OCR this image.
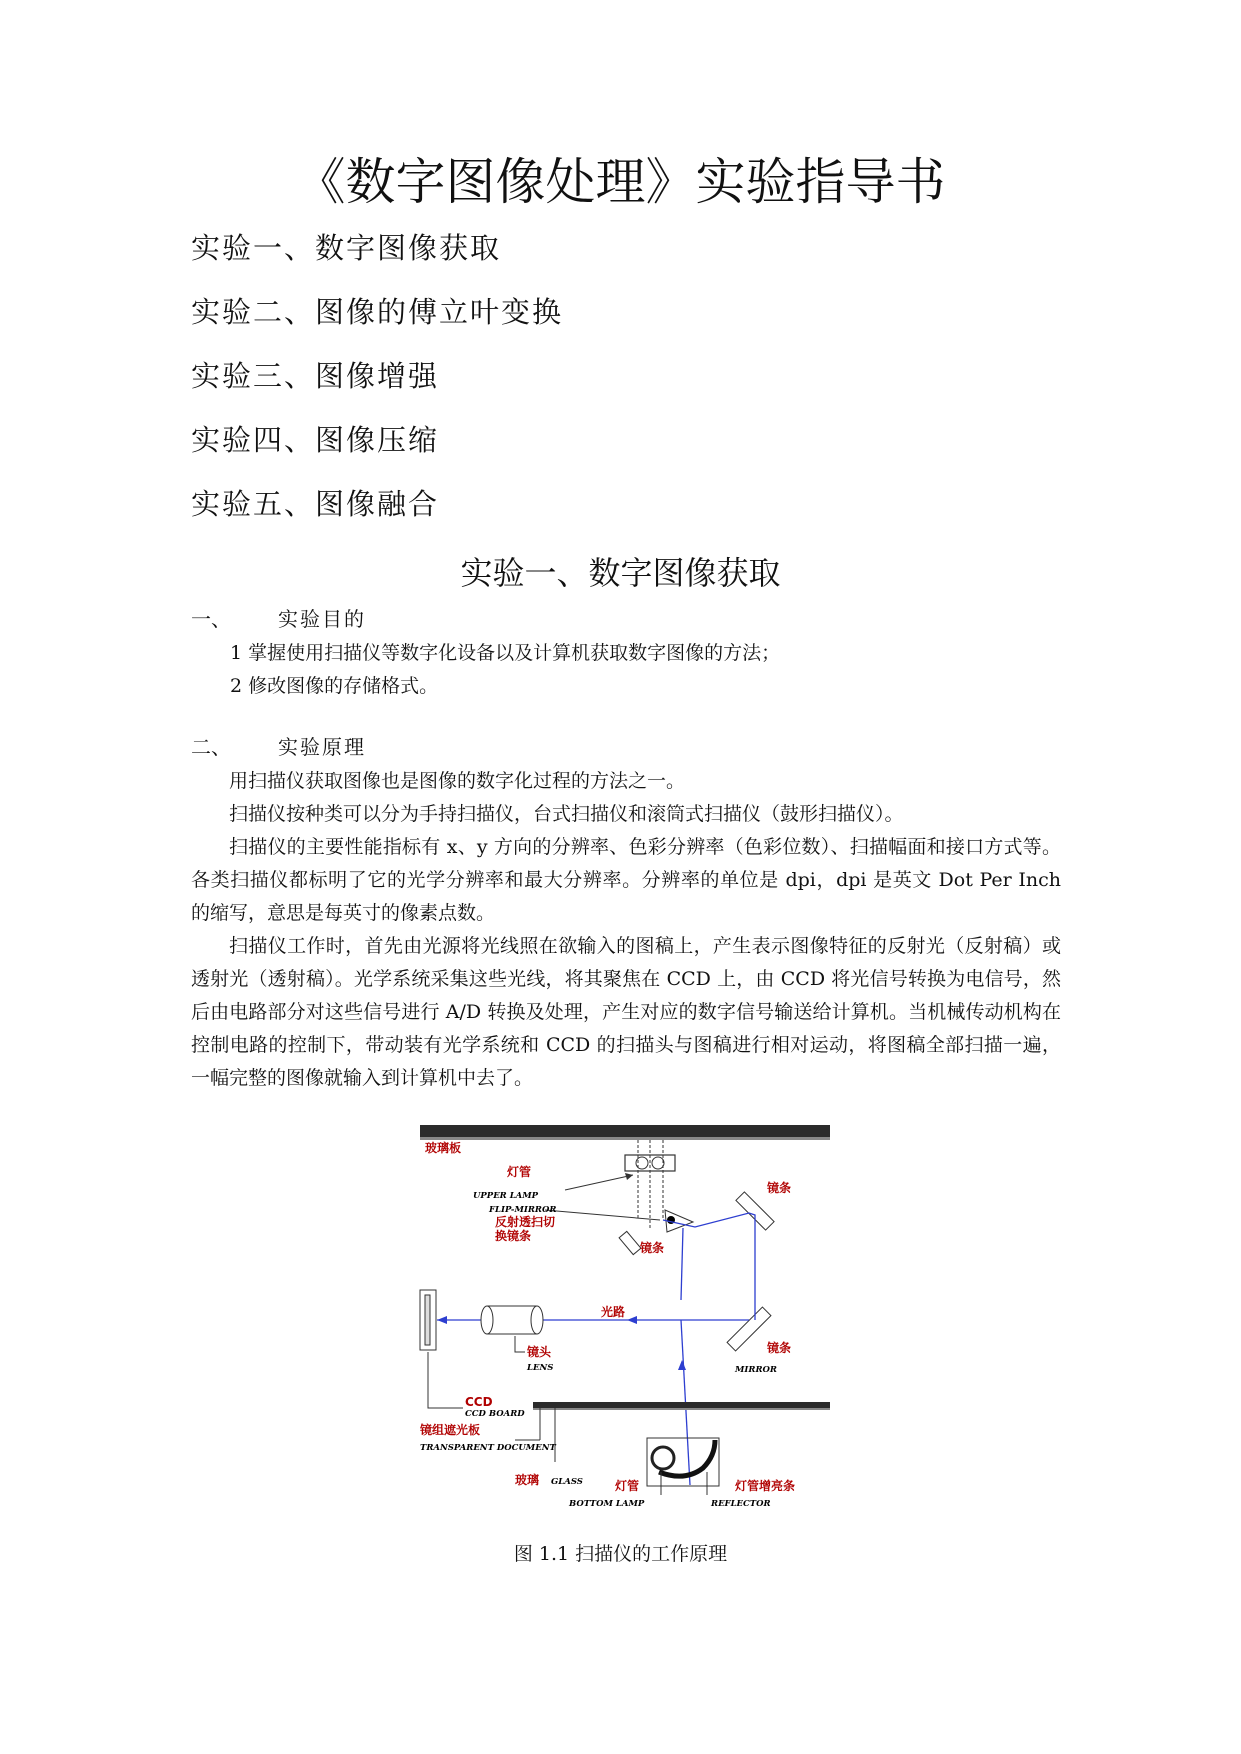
《数字图像处理》实验指导书
实验一、数字图像获取
实验二、图像的傅立叶变换
实验三、图像增强
实验四、图像压缩
实验五、图像融合
实验一、数字图像获取
一、 实验目的
1 掌握使用扫描仪等数字化设备以及计算机获取数字图像的方法；
2 修改图像的存储格式。
二、 实验原理
用扫描仪获取图像也是图像的数字化过程的方法之一。
扫描仪按种类可以分为手持扫描仪，台式扫描仪和滚筒式扫描仪（鼓形扫描仪）。
扫描仪的主要性能指标有 x、y 方向的分辨率、色彩分辨率（色彩位数）、扫描幅面和接口方式等。各类扫描仪都标明了它的光学分辨率和最大分辨率。分辨率的单位是 dpi，dpi 是英文 Dot Per Inch 的缩写，意思是每英寸的像素点数。
扫描仪工作时，首先由光源将光线照在欲输入的图稿上，产生表示图像特征的反射光（反射稿）或透射光（透射稿）。光学系统采集这些光线，将其聚焦在 CCD 上，由 CCD 将光信号转换为电信号，然后由电路部分对这些信号进行 A/D 转换及处理，产生对应的数字信号输送给计算机。当机械传动机构在控制电路的控制下，带动装有光学系统和 CCD 的扫描头与图稿进行相对运动，将图稿全部扫描一遍，一幅完整的图像就输入到计算机中去了。
玻璃板
灯管
UPPER LAMP
FLIP-MIRROR
反射透扫切
换镜条
镜条
镜条
光路
镜头
LENS
镜条
MIRROR
CCD
CCD BOARD
镜组遮光板
TRANSPARENT DOCUMENT
玻璃 GLASS	灯管
BOTTOM LAMP
灯管增亮条
REFLECTOR
图 1.1 扫描仪的工作原理
